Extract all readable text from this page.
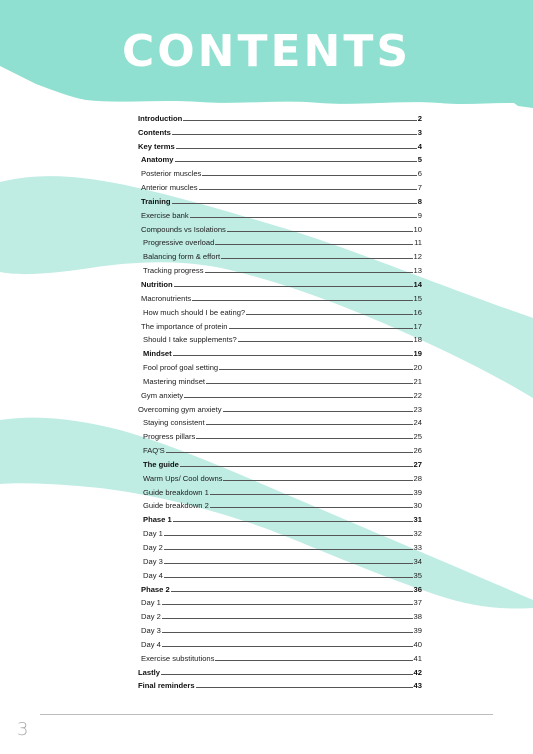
CONTENTS
Introduction	2
Contents	3
Key terms	4
Anatomy	5
Posterior muscles	6
Anterior muscles	7
Training	8
Exercise bank	9
Compounds vs Isolations	10
Progressive overload	11
Balancing form & effort	12
Tracking progress	13
Nutrition	14
Macronutrients	15
How much should I be eating?	16
The importance of protein	17
Should I take supplements?	18
Mindset	19
Fool proof goal setting	20
Mastering mindset	21
Gym anxiety	22
Overcoming gym anxiety	23
Staying consistent	24
Progress pillars	25
FAQ'S	26
The guide	27
Warm Ups/ Cool downs	28
Guide breakdown 1	39
Guide breakdown 2	30
Phase 1	31
Day 1	32
Day 2	33
Day 3	34
Day 4	35
Phase 2	36
Day 1	37
Day 2	38
Day 3	39
Day 4	40
Exercise substitutions	41
Lastly	42
Final reminders	43
3
